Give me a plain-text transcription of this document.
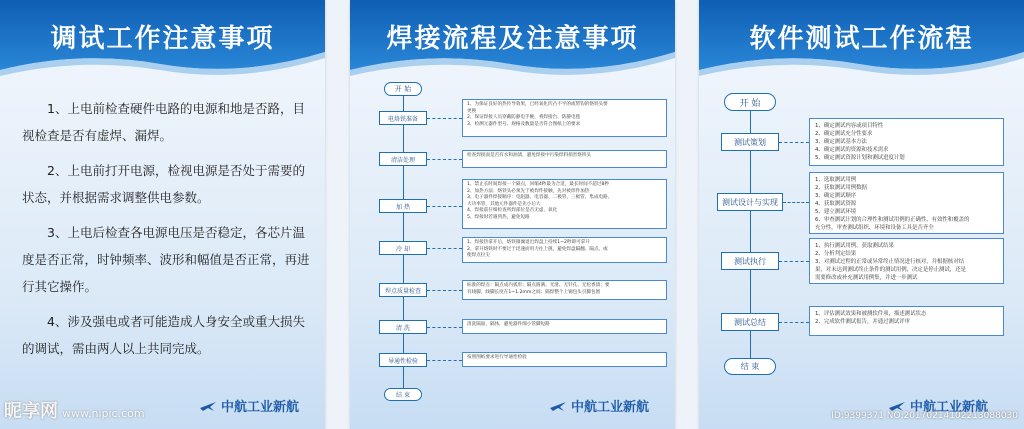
调试工作注意事项

1、上电前检查硬件电路的电源和地是否路，目视检查是否有虚焊、漏焊。

2、上电前打开电源，检视电源是否处于需要的状态，并根据需求调整供电参数。

3、上电后检查各电源电压是否稳定，各芯片温度是否正常，时钟频率、波形和幅值是否正常，再进行其它操作。

4、涉及强电或者可能造成人身安全或重大损失的调试，需由两人以上共同完成。

中航工业新航
昵享网 www.nipic.com
焊接流程及注意事项
开 始
电烙铁准备
1、为保证良好的热传导效果，已经氧化凹凸不平的或带钩的烙铁头要
更换
2、保证焊接人员穿戴防静电手腕，将焊接台、防静电毯
3、检测元器件型号、规格及数量是否符合图纸上的要求
清洁处理
检查焊接面是否有水和油渍，避免焊接中污染焊料损害烙铁头
加 热
1、禁止长时间焊接一个隔点，回缩4秒最为合适，最长时间不超过8秒
2、加热方法：烙铁头必须先于被焊件接触，先对被焊件加热
3、电子器件焊接顺序：电阻器、电容器、二极管、三极管、集成电路、
大功率管，其他元件器件是先小后大
4、焊接前仔细检查所焊部位是否无虚、氧化
5、焊接时若遇到热，避免短路
冷 却
1、焊接热拿开后，烙铁微倾退出焊盘上持续1~2秒即可拿开
2、拿开烙铁时不要过于迅速而用力往上挑，避免焊盘隔翻、隔点、或
使焊点拉尖
焊点质量检查
标准的焊点：隔点成内弧形；隔点圆满、光滑、无针孔、无松香渍；要
有线脚，线脚长度在1~1.2mm之间；隔焊整个上锡包头引脚包围
清 洗	清洗隔面、隔体，避免器件细小管脚短路
导通性检验	按照图纸要求进行导通性检验
结 束
中航工业新航
软件测试工作流程
开 始
测试策划
1、确定测试内容或项目特性
2、确定测试充分性要求
3、确定测试基本方法
4、确定测试的资源和技术需求
5、确定测试资源计划和测试进度计划
测试设计与实现
1、选取测试用例
2、获取测试用例数据
3、确定测试顺序
4、获取测试资源
5、建立测试环境
6、审查测试计划的合理性和测试用例的正确性、有效性和覆盖的
充分性，审查测试组织、环境和设备工具是否齐全
测试执行
1、执行测试用例，获取测试结果
2、分析判定结果
3、对测试过程的正常或异常终止情况进行核对，并根据核对结
果，对未达到测试终止条件的测试用例，决定是停止测试，还是
需要修改或补充测试用例集，并进一步测试
测试总结
1、评估测试效果和被测软件项，描述测试状态
2、完成软件测试报告，并通过测试评审
结 束
中航工业新航
ID:9399371 NO:20170214102213088030
